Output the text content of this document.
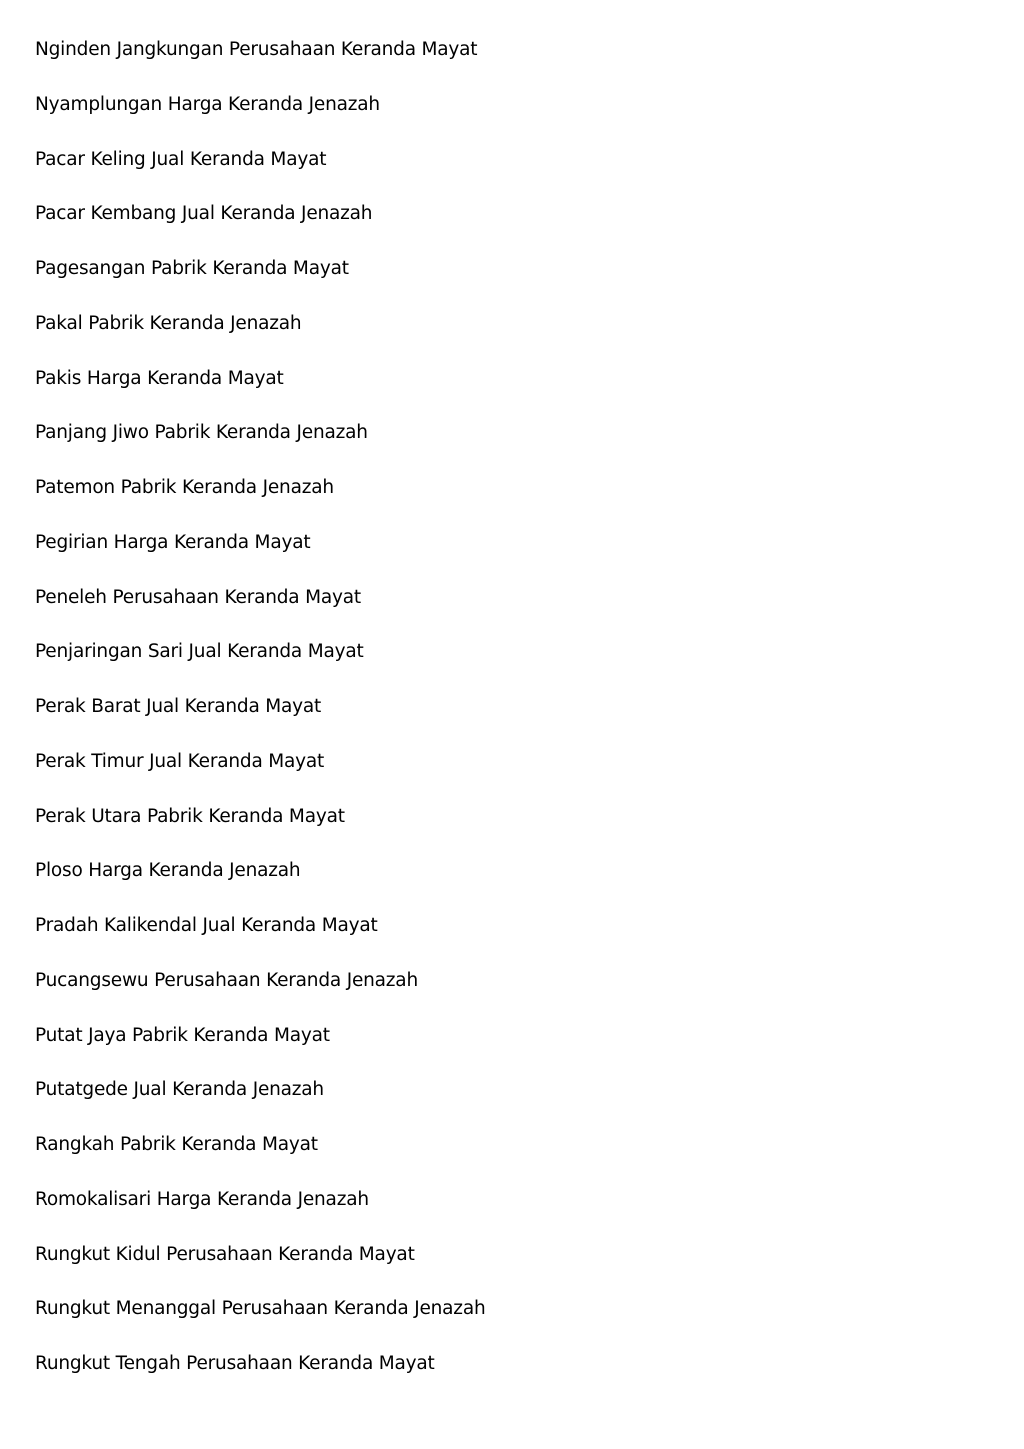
Nginden Jangkungan Perusahaan Keranda Mayat
Nyamplungan Harga Keranda Jenazah
Pacar Keling Jual Keranda Mayat
Pacar Kembang Jual Keranda Jenazah
Pagesangan Pabrik Keranda Mayat
Pakal Pabrik Keranda Jenazah
Pakis Harga Keranda Mayat
Panjang Jiwo Pabrik Keranda Jenazah
Patemon Pabrik Keranda Jenazah
Pegirian Harga Keranda Mayat
Peneleh Perusahaan Keranda Mayat
Penjaringan Sari Jual Keranda Mayat
Perak Barat Jual Keranda Mayat
Perak Timur Jual Keranda Mayat
Perak Utara Pabrik Keranda Mayat
Ploso Harga Keranda Jenazah
Pradah Kalikendal Jual Keranda Mayat
Pucangsewu Perusahaan Keranda Jenazah
Putat Jaya Pabrik Keranda Mayat
Putatgede Jual Keranda Jenazah
Rangkah Pabrik Keranda Mayat
Romokalisari Harga Keranda Jenazah
Rungkut Kidul Perusahaan Keranda Mayat
Rungkut Menanggal Perusahaan Keranda Jenazah
Rungkut Tengah Perusahaan Keranda Mayat
